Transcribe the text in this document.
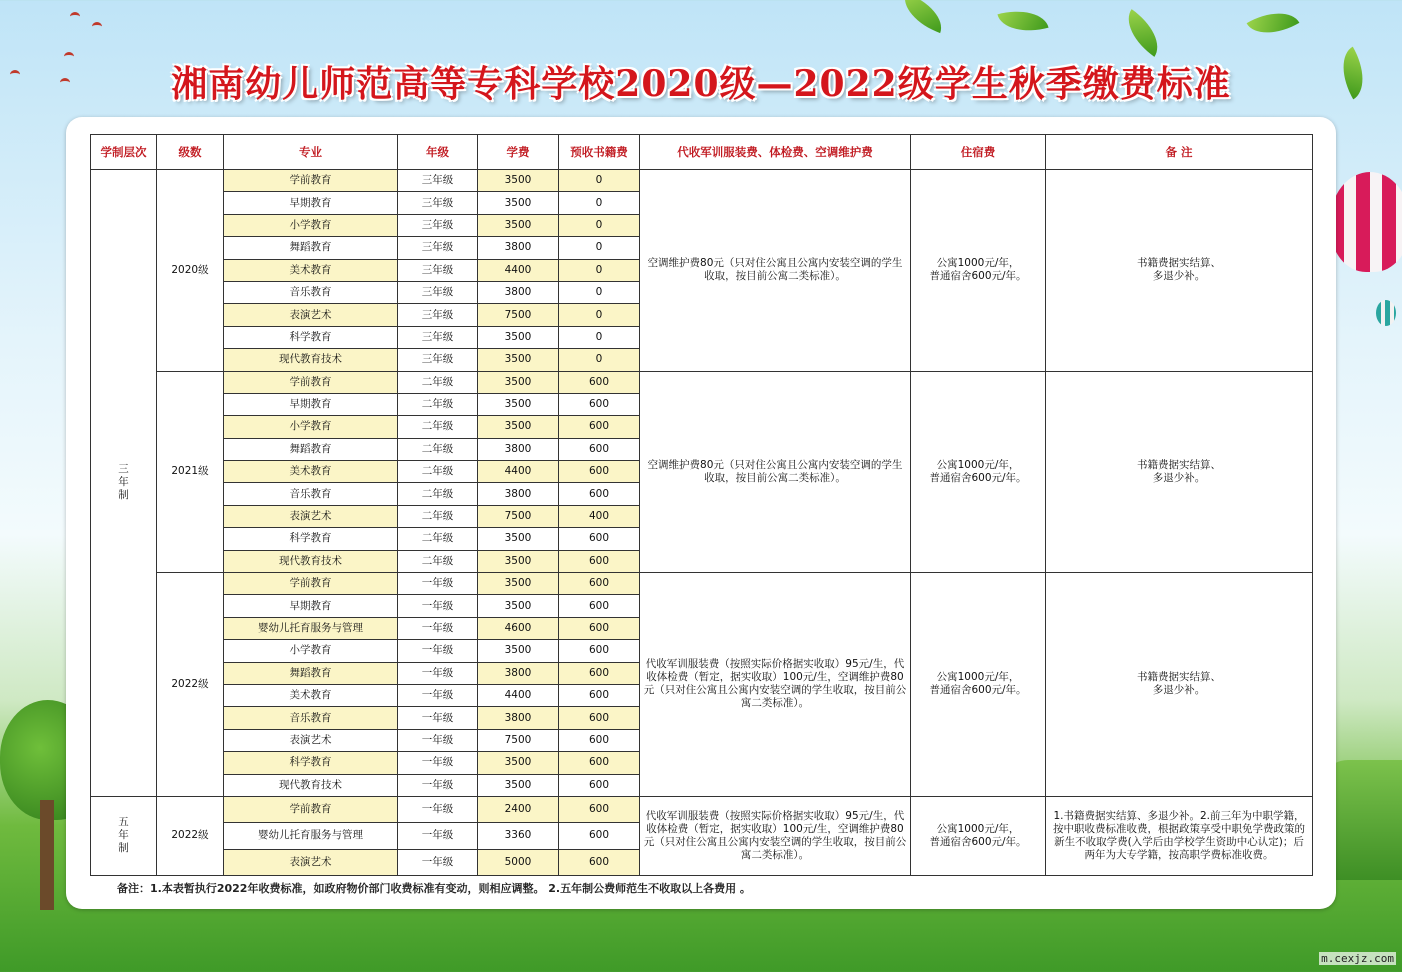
湘南幼儿师范高等专科学校2020级—2022级学生秋季缴费标准
学制层次	级数	专业	年级	学费	预收书籍费	代收军训服装费、体检费、空调维护费	住宿费	备 注
三
年
制	2020级	学前教育	三年级	3500	0	空调维护费80元（只对住公寓且公寓内安装空调的学生收取，按目前公寓二类标准）。	公寓1000元/年，
普通宿舍600元/年。	书籍费据实结算、
多退少补。
		早期教育	三年级	3500	0			
		小学教育	三年级	3500	0			
		舞蹈教育	三年级	3800	0			
		美术教育	三年级	4400	0			
		音乐教育	三年级	3800	0			
		表演艺术	三年级	7500	0			
		科学教育	三年级	3500	0			
		现代教育技术	三年级	3500	0			
	2021级	学前教育	二年级	3500	600	空调维护费80元（只对住公寓且公寓内安装空调的学生收取，按目前公寓二类标准）。	公寓1000元/年，
普通宿舍600元/年。	书籍费据实结算、
多退少补。
		早期教育	二年级	3500	600			
		小学教育	二年级	3500	600			
		舞蹈教育	二年级	3800	600			
		美术教育	二年级	4400	600			
		音乐教育	二年级	3800	600			
		表演艺术	二年级	7500	400			
		科学教育	二年级	3500	600			
		现代教育技术	二年级	3500	600			
	2022级	学前教育	一年级	3500	600	代收军训服装费（按照实际价格据实收取）95元/生，代收体检费（暂定，据实收取）100元/生，空调维护费80元（只对住公寓且公寓内安装空调的学生收取，按目前公寓二类标准）。	公寓1000元/年，
普通宿舍600元/年。	书籍费据实结算、
多退少补。
		早期教育	一年级	3500	600			
		婴幼儿托育服务与管理	一年级	4600	600			
		小学教育	一年级	3500	600			
		舞蹈教育	一年级	3800	600			
		美术教育	一年级	4400	600			
		音乐教育	一年级	3800	600			
		表演艺术	一年级	7500	600			
		科学教育	一年级	3500	600			
		现代教育技术	一年级	3500	600			
五
年
制	2022级	学前教育	一年级	2400	600	代收军训服装费（按照实际价格据实收取）95元/生，代收体检费（暂定，据实收取）100元/生，空调维护费80元（只对住公寓且公寓内安装空调的学生收取，按目前公寓二类标准）。	公寓1000元/年，
普通宿舍600元/年。	1.书籍费据实结算、多退少补。2.前三年为中职学籍，按中职收费标准收费，根据政策享受中职免学费政策的新生不收取学费(入学后由学校学生资助中心认定)；后两年为大专学籍，按高职学费标准收费。
		婴幼儿托育服务与管理	一年级	3360	600			
		表演艺术	一年级	5000	600			
备注：1.本表暂执行2022年收费标准，如政府物价部门收费标准有变动，则相应调整。 2.五年制公费师范生不收取以上各费用 。
m.cexjz.com
